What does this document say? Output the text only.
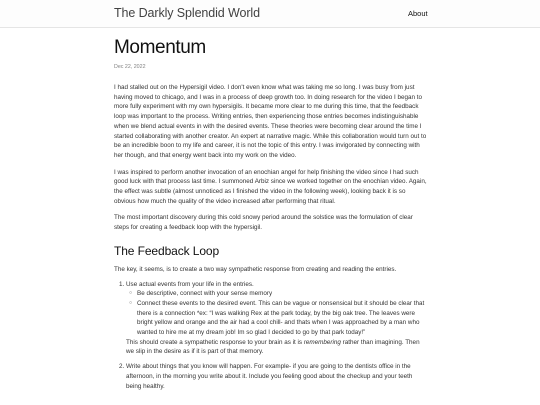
The Darkly Splendid World	About
Momentum
Dec 22, 2022

I had stalled out on the Hypersigil video. I don't even know what was taking me so long. I was busy from just having moved to chicago, and I was in a process of deep growth too. In doing research for the video I began to more fully experiment with my own hypersigils. It became more clear to me during this time, that the feedback loop was important to the process. Writing entries, then experiencing those entries becomes indistinguishable when we blend actual events in with the desired events. These theories were becoming clear around the time I started collaborating with another creator. An expert at narrative magic. While this collaboration would turn out to be an incredible boon to my life and career, it is not the topic of this entry. I was invigorated by connecting with her though, and that energy went back into my work on the video.

I was inspired to perform another invocation of an enochian angel for help finishing the video since I had such good luck with that process last time. I summoned Arbiz since we worked together on the enochian video. Again, the effect was subtle (almost unnoticed as I finished the video in the following week), looking back it is so obvious how much the quality of the video increased after performing that ritual.

The most important discovery during this cold snowy period around the solstice was the formulation of clear steps for creating a feedback loop with the hypersigil.

The Feedback Loop

The key, it seems, is to create a two way sympathetic response from creating and reading the entries.

1. Use actual events from your life in the entries.
○ Be descriptive, connect with your sense memory
○ Connect these events to the desired event. This can be vague or nonsensical but it should be clear that there is a connection *ex: “I was walking Rex at the park today, by the big oak tree. The leaves were bright yellow and orange and the air had a cool chill- and thats when I was approached by a man who wanted to hire me at my dream job! Im so glad I decided to go by that park today!”
This should create a sympathetic response to your brain as it is remembering rather than imagining. Then we slip in the desire as if it is part of that memory.
2. Write about things that you know will happen. For example- if you are going to the dentists office in the afternoon, in the morning you write about it. Include you feeling good about the checkup and your teeth being healthy.
